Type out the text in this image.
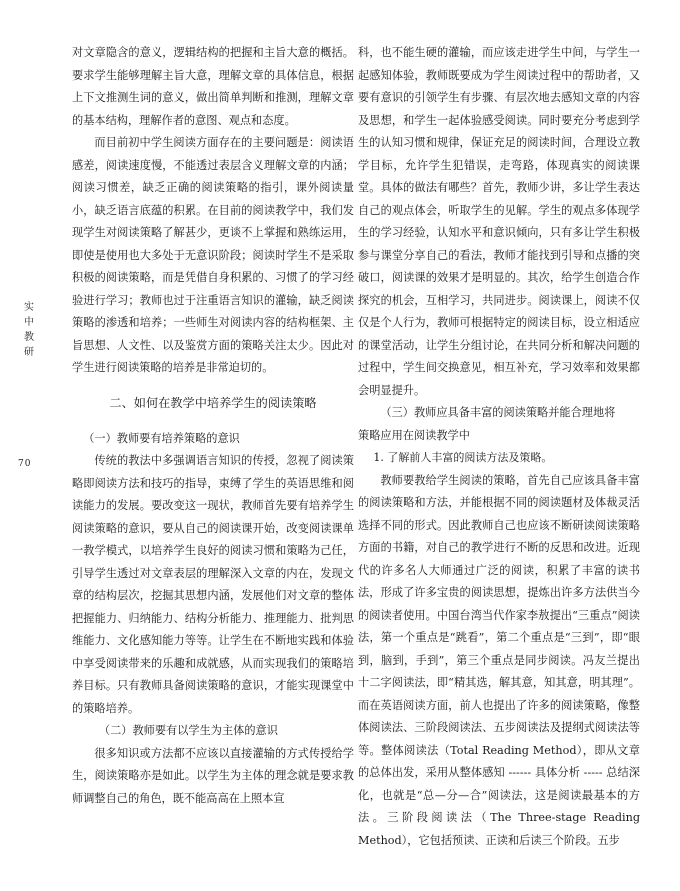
实
中
教
研
70

对文章隐含的意义，逻辑结构的把握和主旨大意的概括。要求学生能够理解主旨大意，理解文章的具体信息，根据上下文推测生词的意义，做出简单判断和推测，理解文章的基本结构，理解作者的意图、观点和态度。

而目前初中学生阅读方面存在的主要问题是：阅读语感差，阅读速度慢，不能透过表层含义理解文章的内涵；阅读习惯差，缺乏正确的阅读策略的指引，课外阅读量小，缺乏语言底蕴的积累。在目前的阅读教学中，我们发现学生对阅读策略了解甚少，更谈不上掌握和熟练运用，即使是使用也大多处于无意识阶段；阅读时学生不是采取积极的阅读策略，而是凭借自身积累的、习惯了的学习经验进行学习；教师也过于注重语言知识的灌输，缺乏阅读策略的渗透和培养；一些师生对阅读内容的结构框架、主旨思想、人文性、以及鉴赏方面的策略关注太少。因此对学生进行阅读策略的培养是非常迫切的。

二、如何在教学中培养学生的阅读策略
（一）教师要有培养策略的意识

传统的教法中多强调语言知识的传授，忽视了阅读策略即阅读方法和技巧的指导，束缚了学生的英语思维和阅读能力的发展。要改变这一现状，教师首先要有培养学生阅读策略的意识，要从自己的阅读课开始，改变阅读课单一教学模式，以培养学生良好的阅读习惯和策略为己任，引导学生透过对文章表层的理解深入文章的内在，发现文章的结构层次，挖掘其思想内涵，发展他们对文章的整体把握能力、归纳能力、结构分析能力、推理能力、批判思维能力、文化感知能力等等。让学生在不断地实践和体验中享受阅读带来的乐趣和成就感，从而实现我们的策略培养目标。只有教师具备阅读策略的意识，才能实现课堂中的策略培养。

（二）教师要有以学生为主体的意识

很多知识或方法都不应该以直接灌输的方式传授给学生，阅读策略亦是如此。以学生为主体的理念就是要求教师调整自己的角色，既不能高高在上照本宣

科，也不能生硬的灌输，而应该走进学生中间，与学生一起感知体验，教师既要成为学生阅读过程中的帮助者，又要有意识的引领学生有步骤、有层次地去感知文章的内容及思想，和学生一起体验感受阅读。同时要充分考虑到学生的认知习惯和规律，保证充足的阅读时间，合理设立教学目标，允许学生犯错误，走弯路，体现真实的阅读课堂。具体的做法有哪些？首先，教师少讲，多让学生表达自己的观点体会，听取学生的见解。学生的观点多体现学生的学习经验，认知水平和意识倾向，只有多让学生积极参与课堂分享自己的看法，教师才能找到引导和点播的突破口，阅读课的效果才是明显的。其次，给学生创造合作探究的机会，互相学习，共同进步。阅读课上，阅读不仅仅是个人行为，教师可根据特定的阅读目标，设立相适应的课堂活动，让学生分组讨论，在共同分析和解决问题的过程中，学生间交换意见，相互补充，学习效率和效果都会明显提升。

（三）教师应具备丰富的阅读策略并能合理地将
策略应用在阅读教学中
1. 了解前人丰富的阅读方法及策略。

教师要教给学生阅读的策略，首先自己应该具备丰富的阅读策略和方法，并能根据不同的阅读题材及体裁灵活选择不同的形式。因此教师自己也应该不断研读阅读策略方面的书籍，对自己的教学进行不断的反思和改进。近现代的许多名人大师通过广泛的阅读，积累了丰富的读书法，形成了许多宝贵的阅读思想，提炼出许多方法供当今的阅读者使用。中国台湾当代作家李敖提出“三重点”阅读法，第一个重点是“跳看”，第二个重点是“三到”，即“眼到，脑到，手到”，第三个重点是同步阅读。冯友兰提出十二字阅读法，即“精其选，解其意，知其意，明其理”。而在英语阅读方面，前人也提出了许多的阅读策略，像整体阅读法、三阶段阅读法、五步阅读法及提纲式阅读法等等。整体阅读法（Total Reading Method），即从文章的总体出发，采用从整体感知 ------ 具体分析 ----- 总结深化，也就是“总—分—合”阅读法，这是阅读最基本的方法。三阶段阅读法（The Three-stage Reading Method），它包括预读、正读和后读三个阶段。五步
